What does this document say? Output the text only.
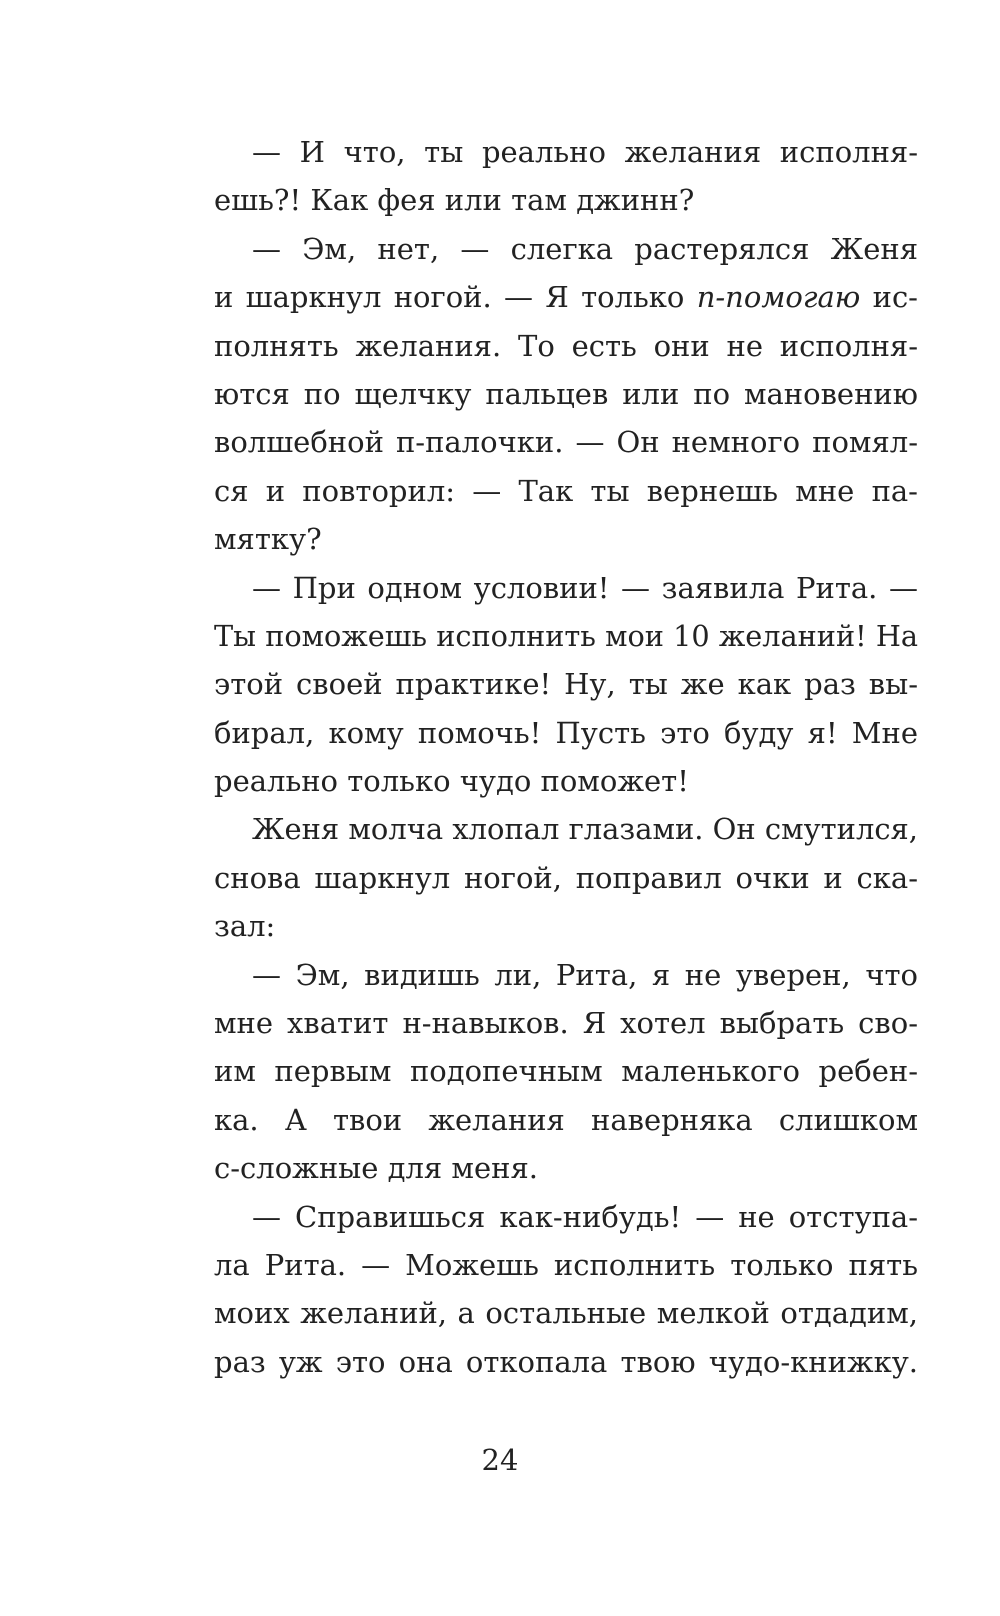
— И что, ты реально желания исполня-
ешь?! Как фея или там джинн?
— Эм, нет, — слегка растерялся Женя
и шаркнул ногой. — Я только п-помогаю ис-
полнять желания. То есть они не исполня-
ются по щелчку пальцев или по мановению
волшебной п-палочки. — Он немного помял-
ся и повторил: — Так ты вернешь мне па-
мятку?
— При одном условии! — заявила Рита. —
Ты поможешь исполнить мои 10 желаний! На
этой своей практике! Ну, ты же как раз вы-
бирал, кому помочь! Пусть это буду я! Мне
реально только чудо поможет!
Женя молча хлопал глазами. Он смутился,
снова шаркнул ногой, поправил очки и ска-
зал:
— Эм, видишь ли, Рита, я не уверен, что
мне хватит н-навыков. Я хотел выбрать сво-
им первым подопечным маленького ребен-
ка. А твои желания наверняка слишком
с-сложные для меня.
— Справишься как-нибудь! — не отступа-
ла Рита. — Можешь исполнить только пять
моих желаний, а остальные мелкой отдадим,
раз уж это она откопала твою чудо-книжку.
24
